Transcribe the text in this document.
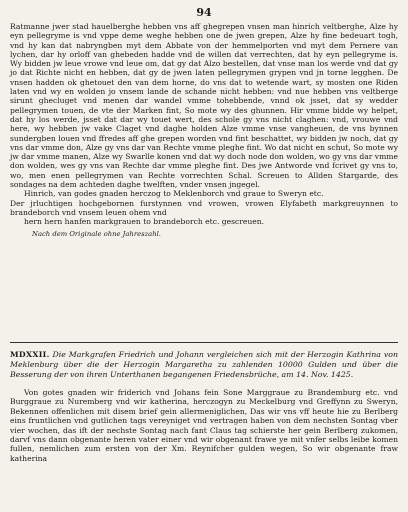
94

Ratmanne jwer stad hauelberghe hebben vns aff ghegrepen vnsen man hinrich veltberghe, Alze hy eyn pellegryme is vnd vppe deme weghe hebben one de jwen grepen, Alze hy fine bedeuart togh, vnd hy kan dat nabryngben myt dem Abbate von der hemmelporten vnd myt dem Pernere van lychen, dar hy orloff van ghebeden hadde vnd de willen dat verrechten, dat hy eyn pellegryme is. Wy bidden jw leue vrowe vnd leue om, dat gy dat Alzo bestellen, dat vnse man los werde vnd dat gy jo dat Richte nicht en hebben, dat gy de jwen laten pellegrymen grypen vnd jn torne legghen. De vnsen hadden ok ghetouet den van dem horne, do vns dat to wetende wart, sy mosten one Riden laten vnd wy en wolden jo vnsem lande de schande nicht hebben: vnd nue hebben vns veltberge sirunt ghecluget vnd menen dar wandel vmme tohebbende, vnnd ok jsset, dat sy wedder pellegrymen touen, de vte der Marken fint, So mote wy des ghunnen. Hir vmme bidde wy helpet, dat hy los werde, jsset dat dar wy touet wert, des schole gy vns nicht claghen: vnd, vrouwe vnd here, wy hebben jw vake Claget vnd daghe holden Alze vmme vnse vangheuen, de vns bynnen sundergben louen vnd ffredes aff ghe grepen worden vnd fint beschattet, wy bidden jw noch, dat gy vns dar vmme don, Alze gy vns dar van Rechte vmme pleghe fint. Wo dat nicht en schut, So mote wy jw dar vmme manen, Alze wy Swarlle konen vnd dat wy doch node don wolden, wo gy vns dar vmme don wolden, wes gy vns van Rechte dar vmme pleghe fint. Des jwe Antworde vnd fcrivet gy vns to, wo, men enen pellegrymen van Rechte vorrechten Schal. Screuen to Allden Stargarde, des sondages na dem achteden daghe twelften, vnder vnsen jngegel.

Hinrich, van godes gnaden herczog to Meklenborch vnd graue to Sweryn etc.

Der jrluchtigen hochgebornen furstynnen vnd vrowen, vrowen Elyfabeth markgreuynnen to brandeborch vnd vnsem leuen ohem vnd

hern hern hanfen markgrauen to brandeborch etc. gescreuen.

Nach dem Originale ohne Jahreszahl.
MDXXII. Die Markgrafen Friedrich und Johann vergleichen sich mit der Herzogin Kathrina von Meklenburg über die der Herzogin Margaretha zu zahlenden 10000 Gulden und über die Besserung der von ihren Unterthanen begangenen Friedensbrüche, am 14. Nov. 1425.

Von gotes gnaden wir friderich vnd Johans fein Sone Marggraue zu Brandemburg etc. vnd Burggraue zu Nuremberg vnd wir katherina, herczogyn zu Meckelburg vnd Greffynn zu Sweryn, Bekennen offenlichen mit disem brief gein allermeniglichen, Das wir vns vff heute hie zu Berlberg eins fruntlichen vnd gutlichen tags vereyniget vnd vertragen haben von dem nechsten Sontag vber vier wochen, das ift der nechste Sontag nach fant Claus tag schierste her gein Berlberg zukomen, darvf vns dann obgenante heren vater einer vnd wir obgenant frawe ye mit vnfer selbs leibe komen fullen, nemlichen zum ersten von der Xm. Reynifcher gulden wegen, So wir obgenante fraw katherina
